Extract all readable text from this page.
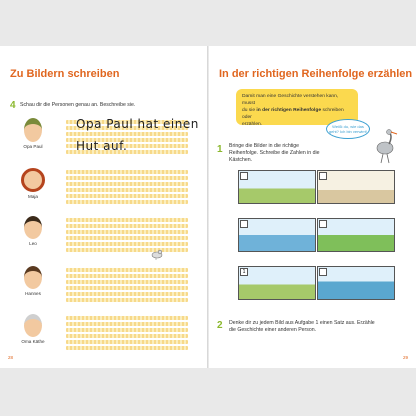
Zu Bildern schreiben
4 Schau dir die Personen genau an. Beschreibe sie.
Opa Paul hat einen
Hut auf.
Opa Paul
Maja
Leo
Hannes
Oma Käthe
28
In der richtigen Reihenfolge erzählen
Damit man eine Geschichte verstehen kann, musst
du sie in der richtigen Reihenfolge schreiben oder
erzählen.	Weißt du, wie das geht? Ich bin verwirrt!
1 Bringe die Bilder in die richtige Reihenfolge. Schreibe die Zahlen in die Kästchen.
1
2 Denke dir zu jedem Bild aus Aufgabe 1 einen Satz aus. Erzähle die Geschichte einer anderen Person.
29
